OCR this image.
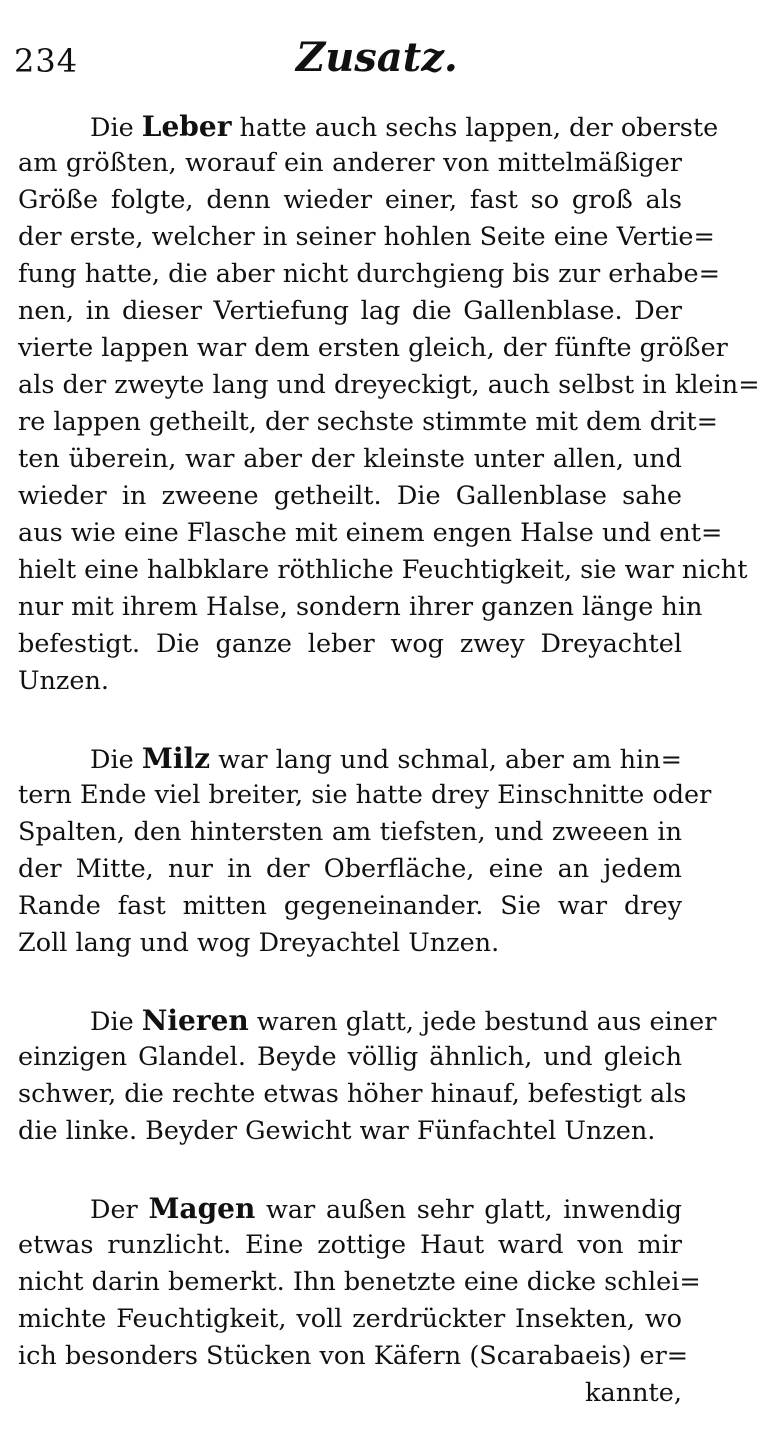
234	Zusatz.
Die Leber hatte auch sechs lappen, der oberste
am größten, worauf ein anderer von mittelmäßiger
Größe folgte, denn wieder einer, fast so groß als
der erste, welcher in seiner hohlen Seite eine Vertie=
fung hatte, die aber nicht durchgieng bis zur erhabe=
nen, in dieser Vertiefung lag die Gallenblase. Der
vierte lappen war dem ersten gleich, der fünfte größer
als der zweyte lang und dreyeckigt, auch selbst in klein=
re lappen getheilt, der sechste stimmte mit dem drit=
ten überein, war aber der kleinste unter allen, und
wieder in zweene getheilt. Die Gallenblase sahe
aus wie eine Flasche mit einem engen Halse und ent=
hielt eine halbklare röthliche Feuchtigkeit, sie war nicht
nur mit ihrem Halse, sondern ihrer ganzen länge hin
befestigt. Die ganze leber wog zwey Dreyachtel
Unzen.
Die Milz war lang und schmal, aber am hin=
tern Ende viel breiter, sie hatte drey Einschnitte oder
Spalten, den hintersten am tiefsten, und zweeen in
der Mitte, nur in der Oberfläche, eine an jedem
Rande fast mitten gegeneinander. Sie war drey
Zoll lang und wog Dreyachtel Unzen.
Die Nieren waren glatt, jede bestund aus einer
einzigen Glandel. Beyde völlig ähnlich, und gleich
schwer, die rechte etwas höher hinauf, befestigt als
die linke. Beyder Gewicht war Fünfachtel Unzen.
Der Magen war außen sehr glatt, inwendig
etwas runzlicht. Eine zottige Haut ward von mir
nicht darin bemerkt. Ihn benetzte eine dicke schlei=
michte Feuchtigkeit, voll zerdrückter Insekten, wo
ich besonders Stücken von Käfern (Scarabaeis) er=
kannte,
